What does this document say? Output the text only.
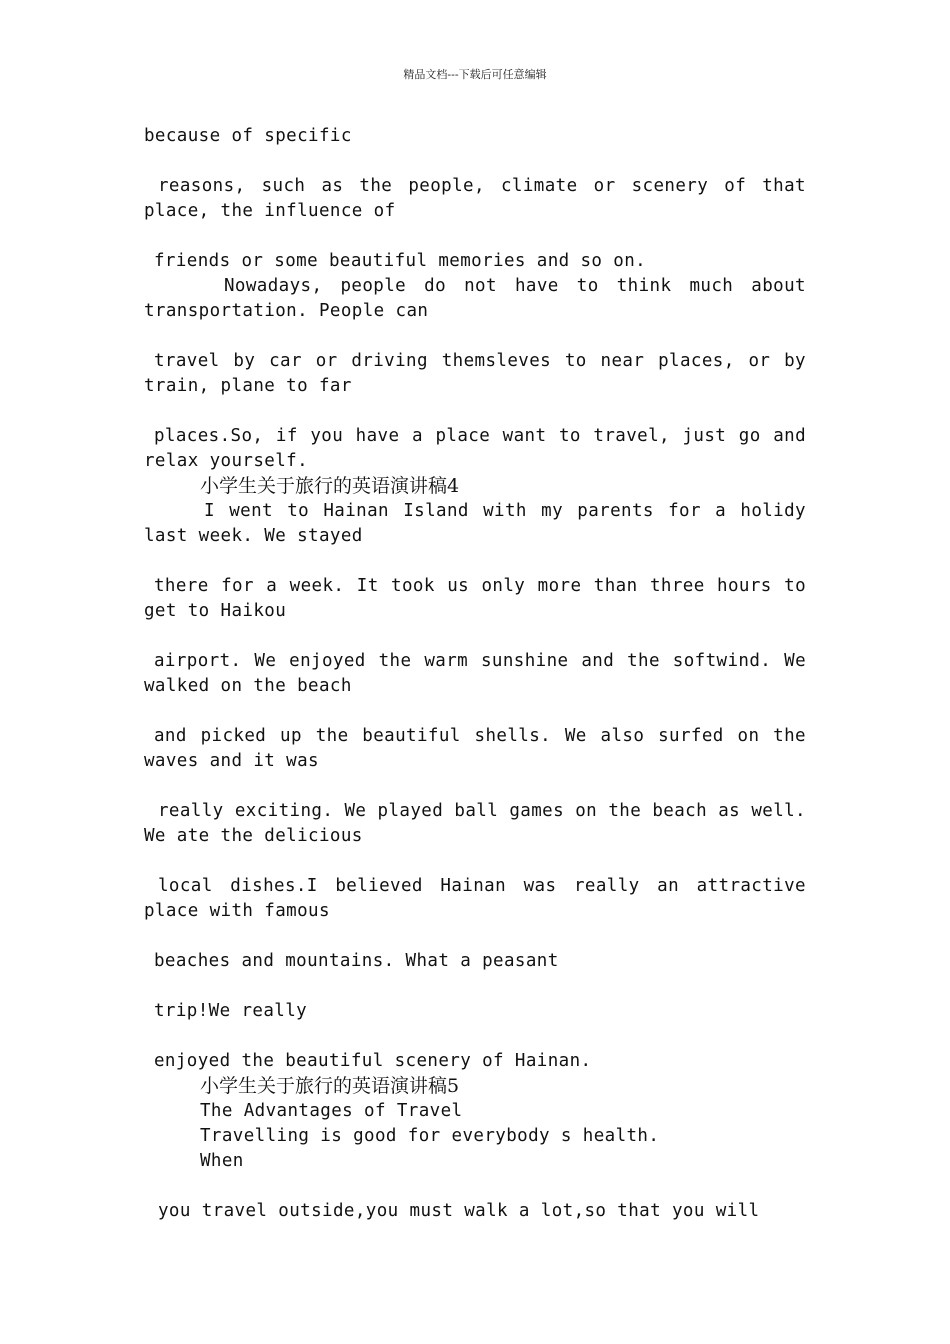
精品文档---下载后可任意编辑

because of specific

reasons, such as the people, climate or scenery of that place, the influence of

friends or some beautiful memories and so on.

Nowadays, people do not have to think much about transportation. People can

travel by car or driving themsleves to near places, or by train, plane to far

places.So, if you have a place want to travel, just go and relax yourself.

小学生关于旅行的英语演讲稿4

I went to Hainan Island with my parents for a holidy last week. We stayed

there for a week. It took us only more than three hours to get to Haikou

airport. We enjoyed the warm sunshine and the softwind. We walked on the beach

and picked up the beautiful shells. We also surfed on the waves and it was

really exciting. We played ball games on the beach as well. We ate the delicious

local dishes.I believed Hainan was really an attractive place with famous

beaches and mountains. What a peasant

trip!We really

enjoyed the beautiful scenery of Hainan.

小学生关于旅行的英语演讲稿5

The Advantages of Travel

Travelling is good for everybody s health.

When

you travel outside,you must walk a lot,so that you will
